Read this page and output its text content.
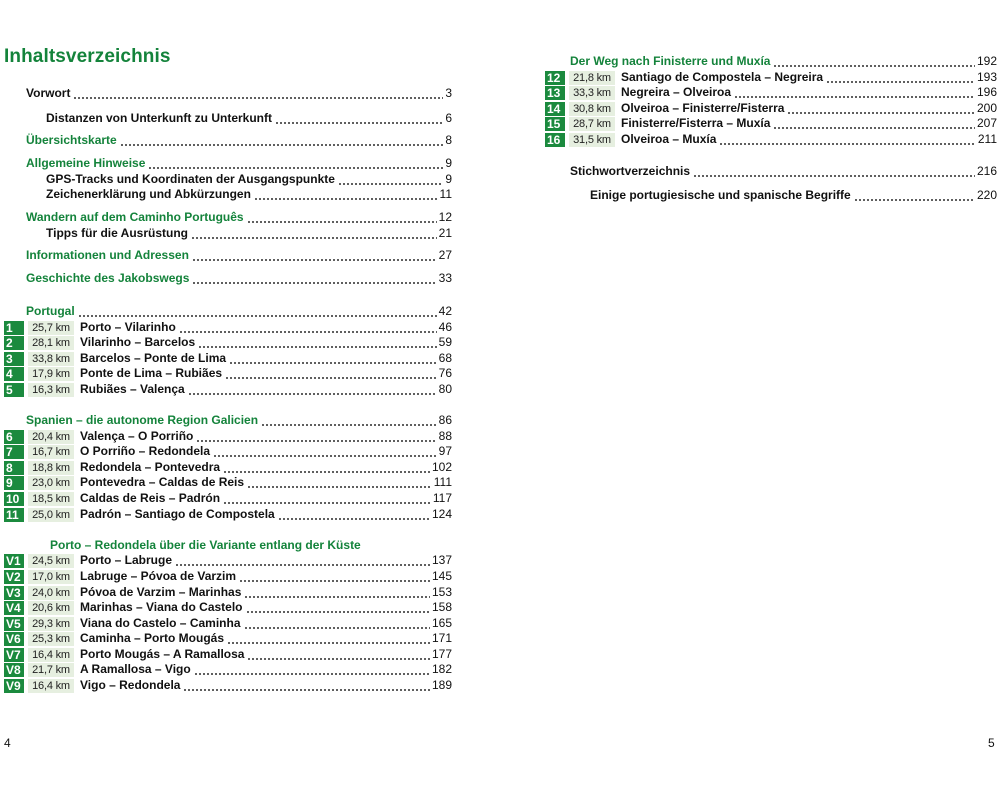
Inhaltsverzeichnis
Vorwort	3
Distanzen von Unterkunft zu Unterkunft	6
Übersichtskarte	8
Allgemeine Hinweise	9
GPS-Tracks und Koordinaten der Ausgangspunkte	9
Zeichenerklärung und Abkürzungen	11
Wandern auf dem Caminho Português	12
Tipps für die Ausrüstung	21
Informationen und Adressen	27
Geschichte des Jakobswegs	33
Portugal	42
1	25,7 km Porto – Vilarinho	46
2	28,1 km Vilarinho – Barcelos	59
3	33,8 km Barcelos – Ponte de Lima	68
4	17,9 km Ponte de Lima – Rubiães	76
5	16,3 km Rubiães – Valença	80
Spanien – die autonome Region Galicien	86
6	20,4 km Valença – O Porriño	88
7	16,7 km O Porriño – Redondela	97
8	18,8 km Redondela – Pontevedra	102
9	23,0 km Pontevedra – Caldas de Reis	111
10	18,5 km Caldas de Reis – Padrón	117
11	25,0 km Padrón – Santiago de Compostela	124
Porto – Redondela über die Variante entlang der Küste
V1	24,5 km Porto – Labruge	137
V2	17,0 km Labruge – Póvoa de Varzim	145
V3	24,0 km Póvoa de Varzim – Marinhas	153
V4	20,6 km Marinhas – Viana do Castelo	158
V5	29,3 km Viana do Castelo – Caminha	165
V6	25,3 km Caminha – Porto Mougás	171
V7	16,4 km Porto Mougás – A Ramallosa	177
V8	21,7 km A Ramallosa – Vigo	182
V9	16,4 km Vigo – Redondela	189
4
Der Weg nach Finisterre und Muxía	192
12	21,8 km Santiago de Compostela – Negreira	193
13	33,3 km Negreira – Olveiroa	196
14	30,8 km Olveiroa – Finisterre/Fisterra	200
15	28,7 km Finisterre/Fisterra – Muxía	207
16	31,5 km Olveiroa – Muxía	211
Stichwortverzeichnis	216
Einige portugiesische und spanische Begriffe	220
5
